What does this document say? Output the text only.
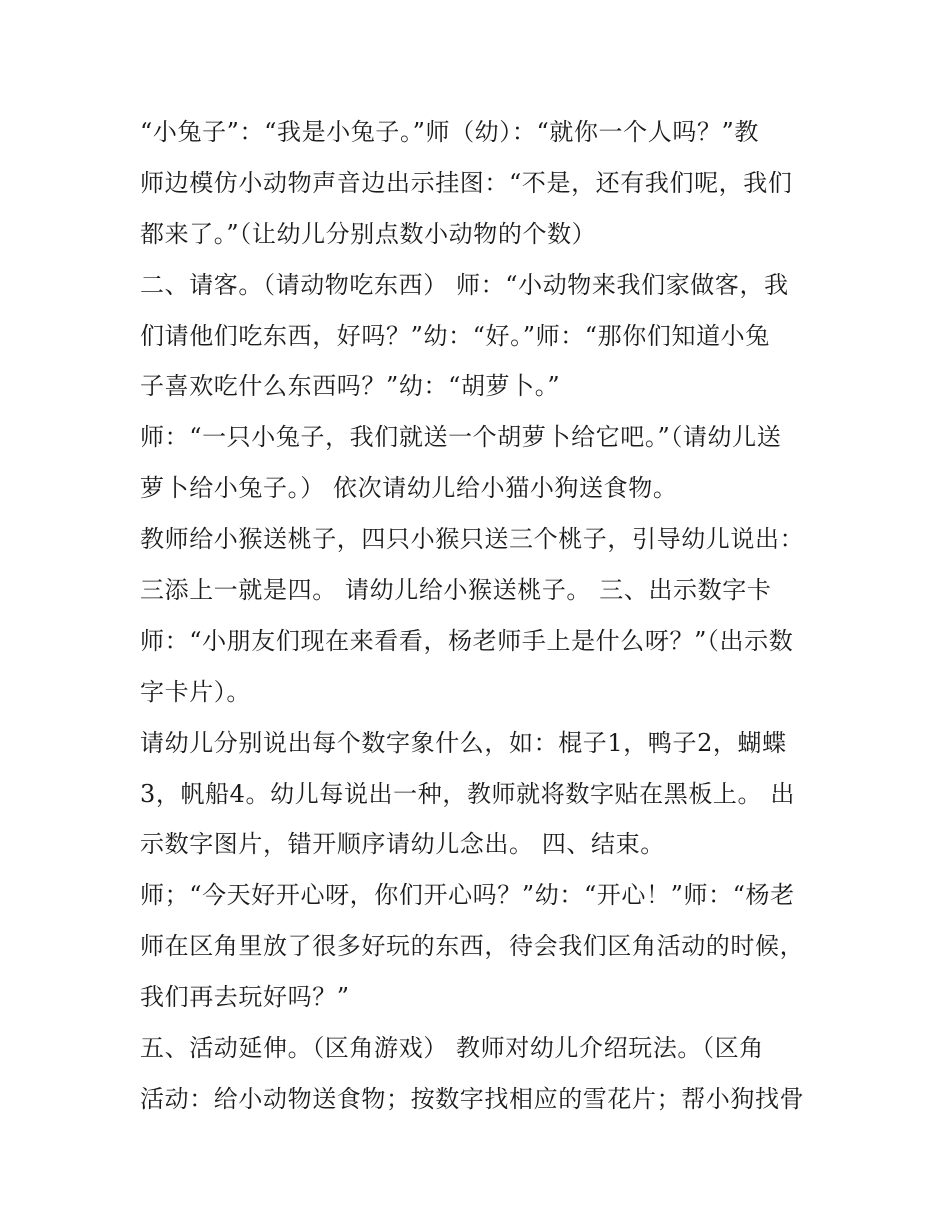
“小兔子”：“我是小兔子。”师（幼）：“就你一个人吗？”教
师边模仿小动物声音边出示挂图：“不是，还有我们呢，我们
都来了。”（让幼儿分别点数小动物的个数）
二、请客。（请动物吃东西） 师：“小动物来我们家做客，我
们请他们吃东西，好吗？”幼：“好。”师：“那你们知道小兔
子喜欢吃什么东西吗？”幼：“胡萝卜。”
师：“一只小兔子，我们就送一个胡萝卜给它吧。”（请幼儿送
萝卜给小兔子。） 依次请幼儿给小猫小狗送食物。
教师给小猴送桃子，四只小猴只送三个桃子，引导幼儿说出：
三添上一就是四。 请幼儿给小猴送桃子。 三、出示数字卡
师：“小朋友们现在来看看，杨老师手上是什么呀？”（出示数
字卡片）。
请幼儿分别说出每个数字象什么，如：棍子1，鸭子2，蝴蝶
3，帆船4。幼儿每说出一种，教师就将数字贴在黑板上。 出
示数字图片，错开顺序请幼儿念出。 四、结束。
师；“今天好开心呀，你们开心吗？”幼：“开心！”师：“杨老
师在区角里放了很多好玩的东西，待会我们区角活动的时候，
我们再去玩好吗？”
五、活动延伸。（区角游戏） 教师对幼儿介绍玩法。（区角
活动：给小动物送食物；按数字找相应的雪花片；帮小狗找骨
